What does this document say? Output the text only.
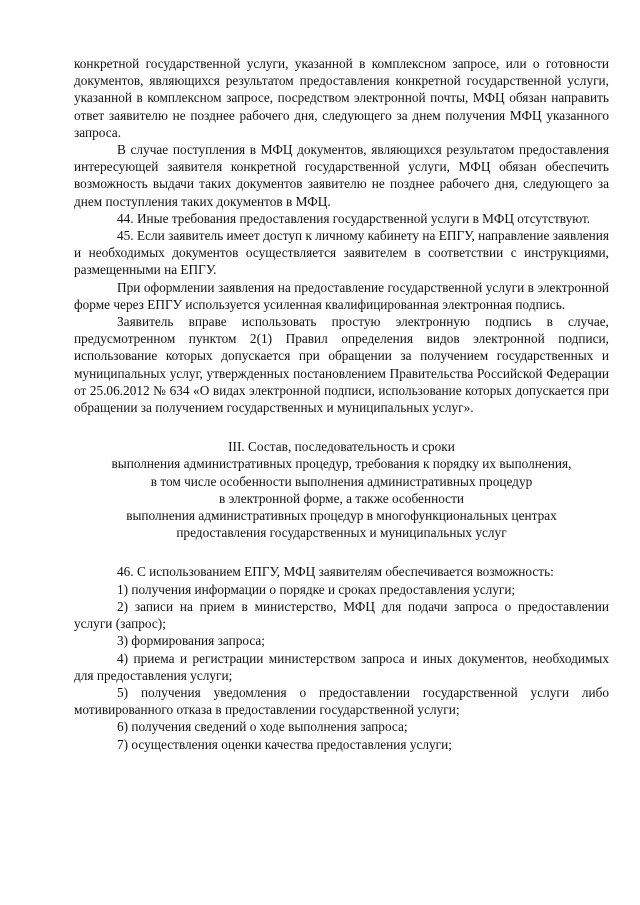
конкретной государственной услуги, указанной в комплексном запросе, или о готовности документов, являющихся результатом предоставления конкретной государственной услуги, указанной в комплексном запросе, посредством электронной почты, МФЦ обязан направить ответ заявителю не позднее рабочего дня, следующего за днем получения МФЦ указанного запроса.

В случае поступления в МФЦ документов, являющихся результатом предоставления интересующей заявителя конкретной государственной услуги, МФЦ обязан обеспечить возможность выдачи таких документов заявителю не позднее рабочего дня, следующего за днем поступления таких документов в МФЦ.

44. Иные требования предоставления государственной услуги в МФЦ отсутствуют.

45. Если заявитель имеет доступ к личному кабинету на ЕПГУ, направление заявления и необходимых документов осуществляется заявителем в соответствии с инструкциями, размещенными на ЕПГУ.

При оформлении заявления на предоставление государственной услуги в электронной форме через ЕПГУ используется усиленная квалифицированная электронная подпись.

Заявитель вправе использовать простую электронную подпись в случае, предусмотренном пунктом 2(1) Правил определения видов электронной подписи, использование которых допускается при обращении за получением государственных и муниципальных услуг, утвержденных постановлением Правительства Российской Федерации от 25.06.2012 № 634 «О видах электронной подписи, использование которых допускается при обращении за получением государственных и муниципальных услуг».

III. Состав, последовательность и сроки
выполнения административных процедур, требования к порядку их выполнения,
в том числе особенности выполнения административных процедур
в электронной форме, а также особенности
выполнения административных процедур в многофункциональных центрах
предоставления государственных и муниципальных услуг

46. С использованием ЕПГУ, МФЦ заявителям обеспечивается возможность:

1) получения информации о порядке и сроках предоставления услуги;

2) записи на прием в министерство, МФЦ для подачи запроса о предоставлении услуги (запрос);

3) формирования запроса;

4) приема и регистрации министерством запроса и иных документов, необходимых для предоставления услуги;

5) получения уведомления о предоставлении государственной услуги либо мотивированного отказа в предоставлении государственной услуги;

6) получения сведений о ходе выполнения запроса;

7) осуществления оценки качества предоставления услуги;
